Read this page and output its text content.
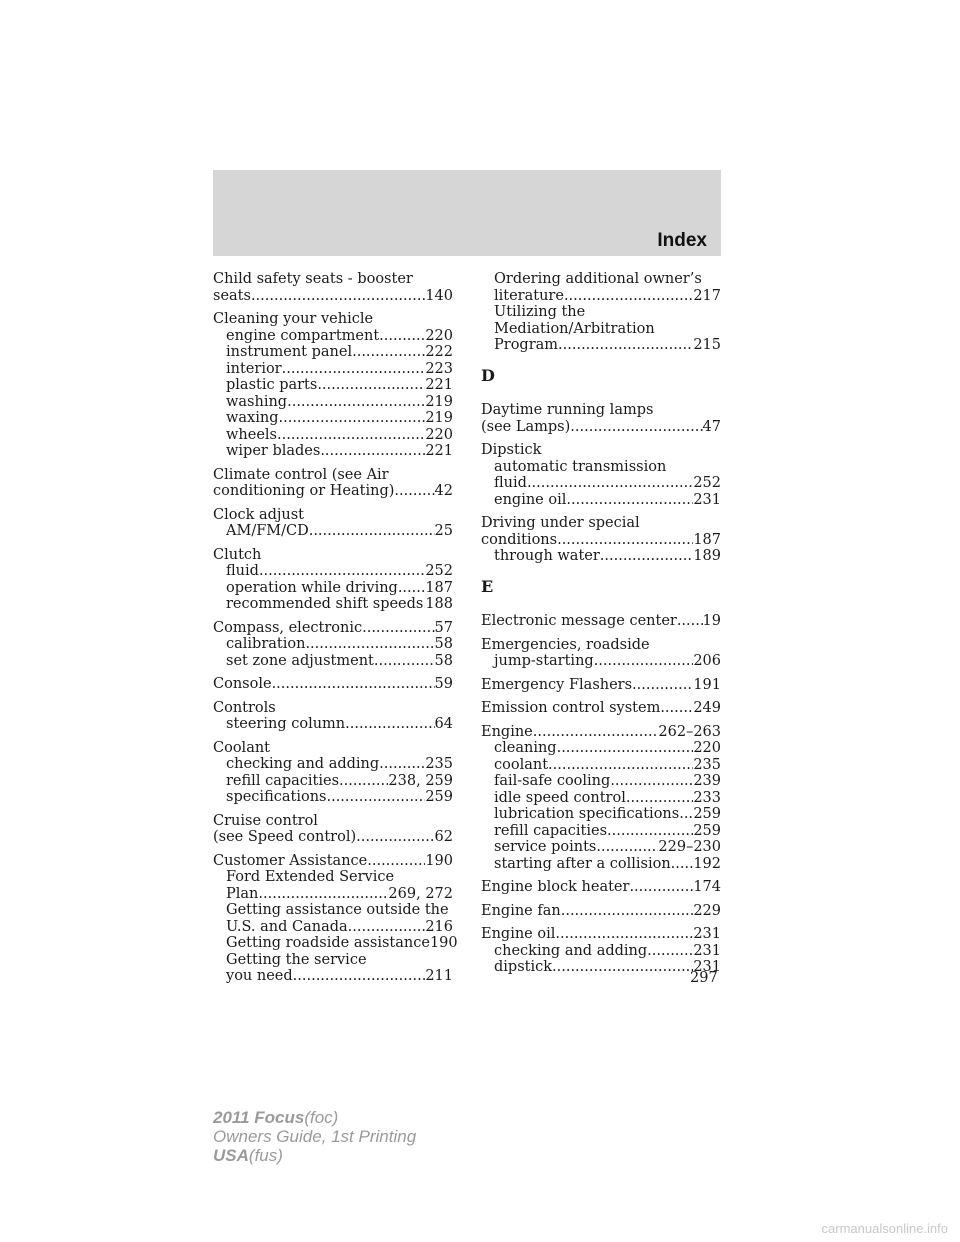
Index
Child safety seats - booster
seats .....	140
Cleaning your vehicle
engine compartment .....	220
instrument panel .....	222
interior .....	223
plastic parts .....	221
washing .....	219
waxing .....	219
wheels .....	220
wiper blades .....	221
Climate control (see Air
conditioning or Heating) .....	42
Clock adjust
AM/FM/CD .....	25
Clutch
fluid .....	252
operation while driving ..... 187
recommended shift speeds ..... 188
Compass, electronic .....	57
calibration .....	58
set zone adjustment .....	58
Console .....	59
Controls
steering column .....	64
Coolant
checking and adding .....	235
refill capacities .....	238, 259
specifications .....	259
Cruise control
(see Speed control) .....	62
Customer Assistance .....	190
Ford Extended Service
Plan .....	269, 272
Getting assistance outside the
U.S. and Canada .....	216
Getting roadside assistance 190
Getting the service
you need .....	211
Ordering additional owner’s
literature .....	217
Utilizing the
Mediation/Arbitration
Program .....	215
D
Daytime running lamps
(see Lamps) .....	47
Dipstick
automatic transmission
fluid .....	252
engine oil .....	231
Driving under special
conditions .....	187
through water .....	189
E
Electronic message center ..... 19
Emergencies, roadside
jump-starting .....	206
Emergency Flashers .....	191
Emission control system ..... 249
Engine .....	262–263
cleaning .....	220
coolant .....	235
fail-safe cooling .....	239
idle speed control .....	233
lubrication specifications ..... 259
refill capacities .....	259
service points .....	229–230
starting after a collision ..... 192
Engine block heater .....	174
Engine fan .....	229
Engine oil .....	231
checking and adding .....	231
dipstick .....	231
297
2011 Focus(foc)
Owners Guide, 1st Printing
USA(fus)
carmanualsonline.info
